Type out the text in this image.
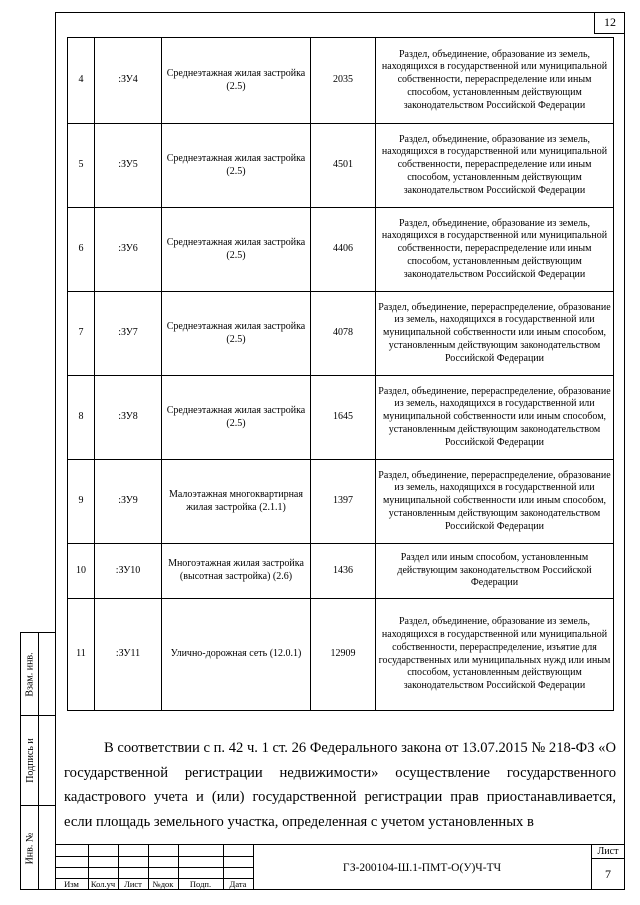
12
4	:ЗУ4	Среднеэтажная жилая застройка (2.5)	2035	Раздел, объединение, образование из земель, находящихся в государственной или муниципальной собственности, перераспределение или иным способом, установленным действующим законодательством Российской Федерации
5	:ЗУ5	Среднеэтажная жилая застройка (2.5)	4501	Раздел, объединение, образование из земель, находящихся в государственной или муниципальной собственности, перераспределение или иным способом, установленным действующим законодательством Российской Федерации
6	:ЗУ6	Среднеэтажная жилая застройка (2.5)	4406	Раздел, объединение, образование из земель, находящихся в государственной или муниципальной собственности, перераспределение или иным способом, установленным действующим законодательством Российской Федерации
7	:ЗУ7	Среднеэтажная жилая застройка (2.5)	4078	Раздел, объединение, перераспределение, образование из земель, находящихся в государственной или муниципальной собственности или иным способом, установленным действующим законодательством Российской Федерации
8	:ЗУ8	Среднеэтажная жилая застройка (2.5)	1645	Раздел, объединение, перераспределение, образование из земель, находящихся в государственной или муниципальной собственности или иным способом, установленным действующим законодательством Российской Федерации
9	:ЗУ9	Малоэтажная многоквартирная жилая застройка (2.1.1)	1397	Раздел, объединение, перераспределение, образование из земель, находящихся в государственной или муниципальной собственности или иным способом, установленным действующим законодательством Российской Федерации
10	:ЗУ10	Многоэтажная жилая застройка (высотная застройка) (2.6)	1436	Раздел или иным способом, установленным действующим законодательством Российской Федерации
11	:ЗУ11	Улично-дорожная сеть (12.0.1)	12909	Раздел, объединение, образование из земель, находящихся в государственной или муниципальной собственности, перераспределение, изъятие для государственных или муниципальных нужд или иным способом, установленным действующим законодательством Российской Федерации

В соответствии с п. 42 ч. 1 ст. 26 Федерального закона от 13.07.2015 № 218-ФЗ «О государственной регистрации недвижимости» осуществление государственного кадастрового учета и (или) государственной регистрации прав приостанавливается, если площадь земельного участка, определенная с учетом установленных в

Взам. инв.
Подпись и
Инв. №
Изм	Кол.уч	Лист	№док	Подп.	Дата
ГЗ-200104-Ш.1-ПМТ-О(У)Ч-ТЧ
Лист
7
